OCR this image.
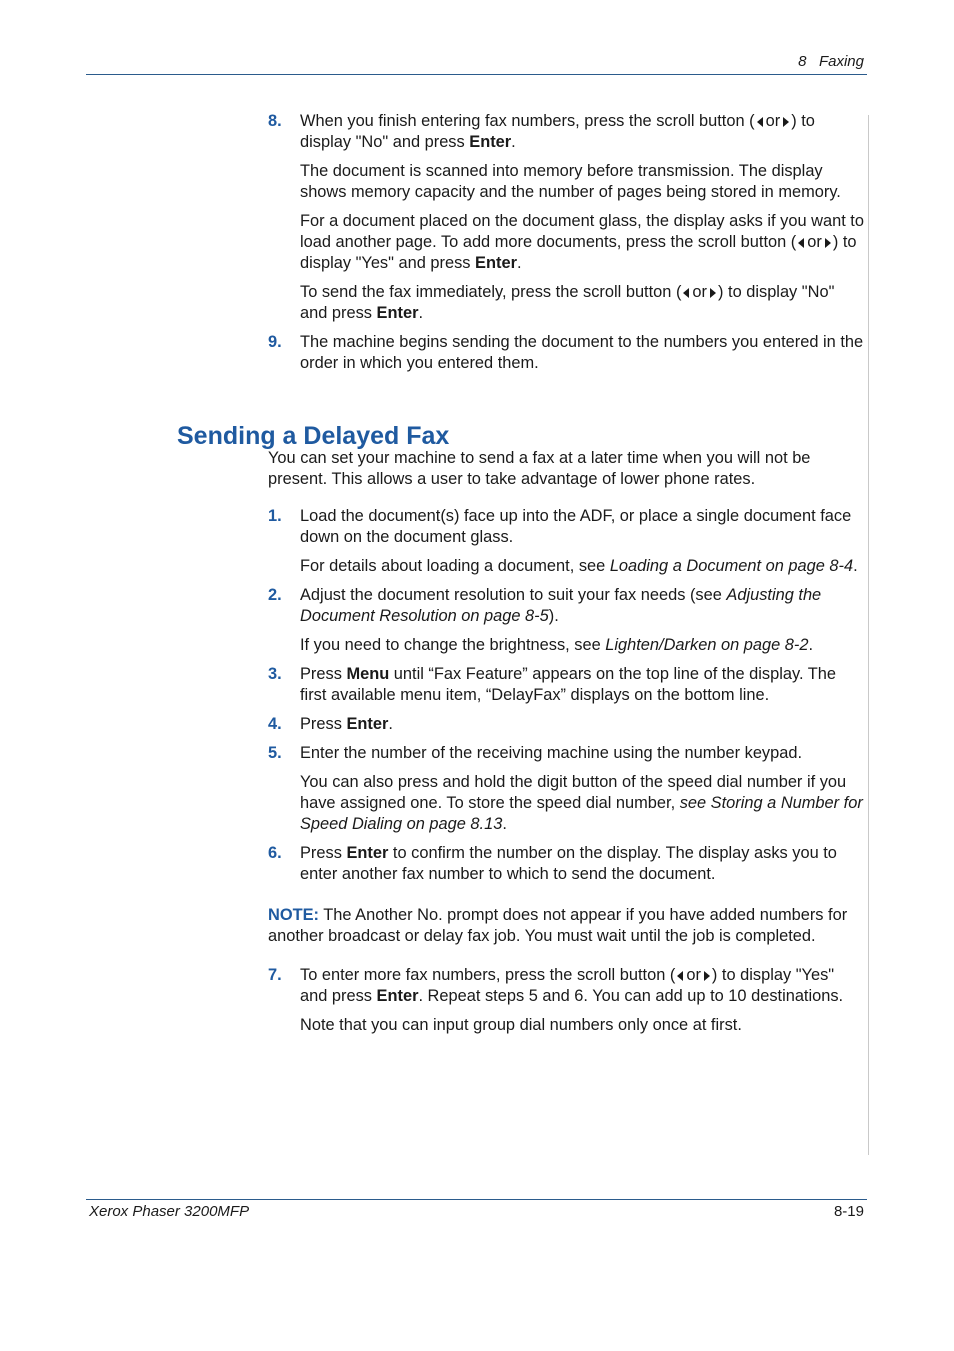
8 Faxing
Sending a Delayed Fax
8. When you finish entering fax numbers, press the scroll button ( or ) to display "No" and press Enter.

The document is scanned into memory before transmission. The display shows memory capacity and the number of pages being stored in memory.

For a document placed on the document glass, the display asks if you want to load another page. To add more documents, press the scroll button ( or ) to display "Yes" and press Enter.

To send the fax immediately, press the scroll button ( or ) to display "No" and press Enter.

9. The machine begins sending the document to the numbers you entered in the order in which you entered them.

You can set your machine to send a fax at a later time when you will not be present. This allows a user to take advantage of lower phone rates.

1. Load the document(s) face up into the ADF, or place a single document face down on the document glass.

For details about loading a document, see Loading a Document on page 8-4.

2. Adjust the document resolution to suit your fax needs (see Adjusting the Document Resolution on page 8-5).

If you need to change the brightness, see Lighten/Darken on page 8-2.

3. Press Menu until “Fax Feature” appears on the top line of the display. The first available menu item, “DelayFax” displays on the bottom line.

4. Press Enter.

5. Enter the number of the receiving machine using the number keypad.

You can also press and hold the digit button of the speed dial number if you have assigned one. To store the speed dial number, see Storing a Number for Speed Dialing on page 8.13.

6. Press Enter to confirm the number on the display. The display asks you to enter another fax number to which to send the document.

NOTE: The Another No. prompt does not appear if you have added numbers for another broadcast or delay fax job. You must wait until the job is completed.

7. To enter more fax numbers, press the scroll button ( or ) to display "Yes" and press Enter. Repeat steps 5 and 6. You can add up to 10 destinations.

Note that you can input group dial numbers only once at first.

Xerox Phaser 3200MFP	8-19
